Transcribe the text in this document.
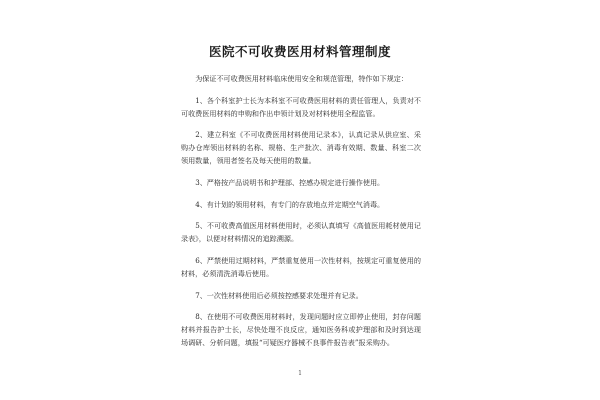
医院不可收费医用材料管理制度

为保证不可收费医用材料临床使用安全和规范管理，特作如下规定：

1、各个科室护士长为本科室不可收费医用材料的责任管理人，负责对不可收费医用材料的申购和作出申领计划及对材料使用全程监管。

2、建立科室《不可收费医用材料使用记录本》，认真记录从供应室、采购办仓库领出材料的名称、规格、生产批次、消毒有效期、数量、科室二次领用数量，领用者签名及每天使用的数量。

3、严格按产品说明书和护理部、控感办规定进行操作使用。

4、有计划的领用材料，有专门的存放地点并定期空气消毒。

5、不可收费高值医用材料使用时，必须认真填写《高值医用耗材使用记录表》，以便对材料情况的追踪溯源。

6、严禁使用过期材料，严禁重复使用一次性材料，按规定可重复使用的材料，必须清洗消毒后使用。

7、一次性材料使用后必须按控感要求处理并有记录。

8、在使用不可收费医用材料时，发现问题时应立即停止使用，封存问题材料并报告护士长，尽快处理不良反应，通知医务科或护理部和及时到达现场调研、分析问题，填报“可疑医疗器械不良事件报告表”报采购办。

1
